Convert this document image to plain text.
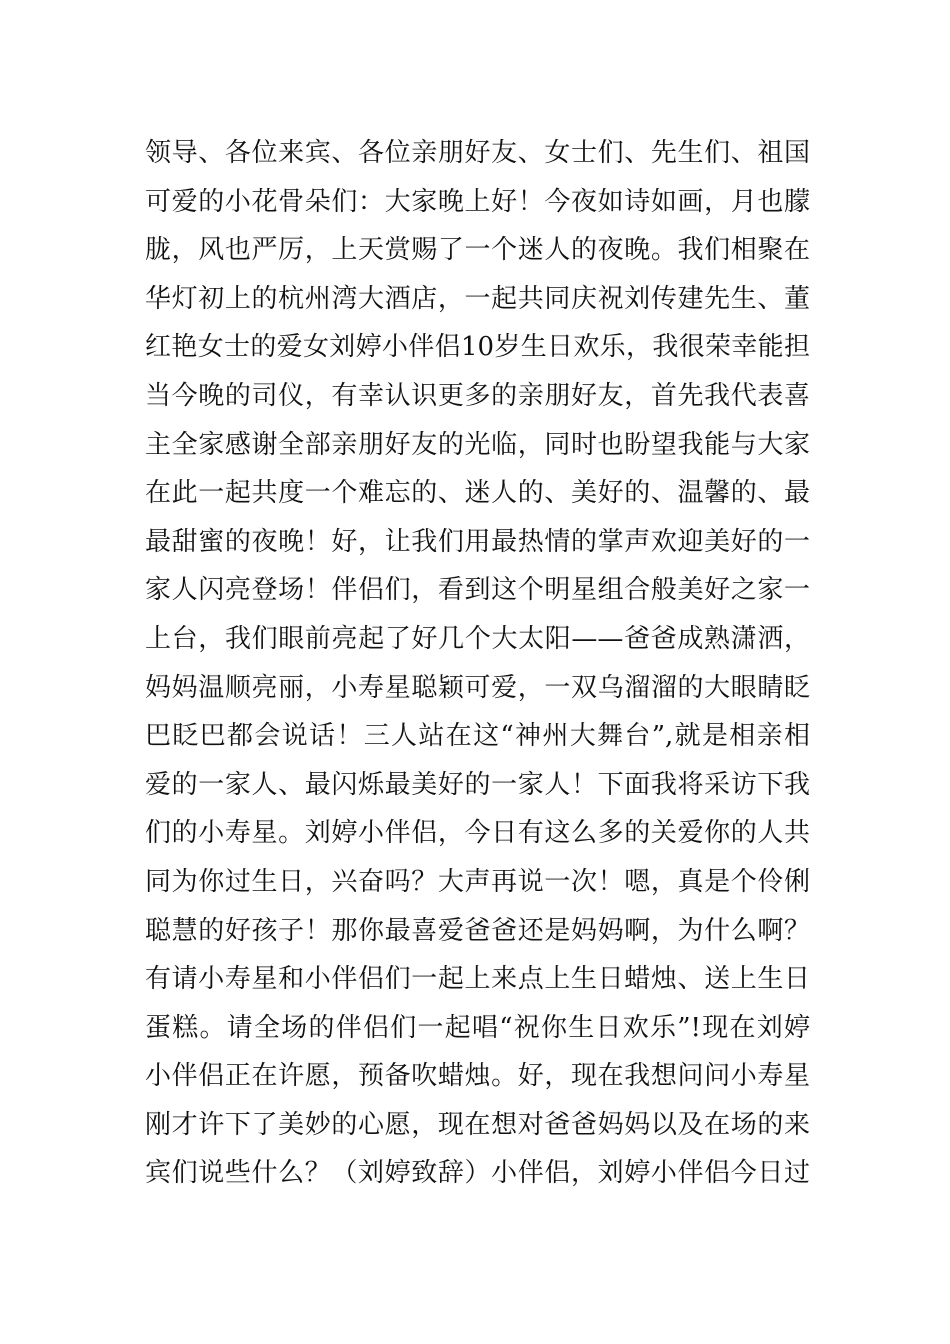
领导、各位来宾、各位亲朋好友、女士们、先生们、祖国
可爱的小花骨朵们：大家晚上好！今夜如诗如画，月也朦
胧，风也严厉，上天赏赐了一个迷人的夜晚。我们相聚在
华灯初上的杭州湾大酒店，一起共同庆祝刘传建先生、董
红艳女士的爱女刘婷小伴侣10岁生日欢乐，我很荣幸能担
当今晚的司仪，有幸认识更多的亲朋好友，首先我代表喜
主全家感谢全部亲朋好友的光临，同时也盼望我能与大家
在此一起共度一个难忘的、迷人的、美好的、温馨的、最
最甜蜜的夜晚！好，让我们用最热情的掌声欢迎美好的一
家人闪亮登场！伴侣们，看到这个明星组合般美好之家一
上台，我们眼前亮起了好几个大太阳——爸爸成熟潇洒，
妈妈温顺亮丽，小寿星聪颖可爱，一双乌溜溜的大眼睛眨
巴眨巴都会说话！三人站在这“神州大舞台”,就是相亲相
爱的一家人、最闪烁最美好的一家人！下面我将采访下我
们的小寿星。刘婷小伴侣，今日有这么多的关爱你的人共
同为你过生日，兴奋吗？大声再说一次！嗯，真是个伶俐
聪慧的好孩子！那你最喜爱爸爸还是妈妈啊，为什么啊？
有请小寿星和小伴侣们一起上来点上生日蜡烛、送上生日
蛋糕。请全场的伴侣们一起唱“祝你生日欢乐”!现在刘婷
小伴侣正在许愿，预备吹蜡烛。好，现在我想问问小寿星
刚才许下了美妙的心愿，现在想对爸爸妈妈以及在场的来
宾们说些什么？（刘婷致辞）小伴侣，刘婷小伴侣今日过
